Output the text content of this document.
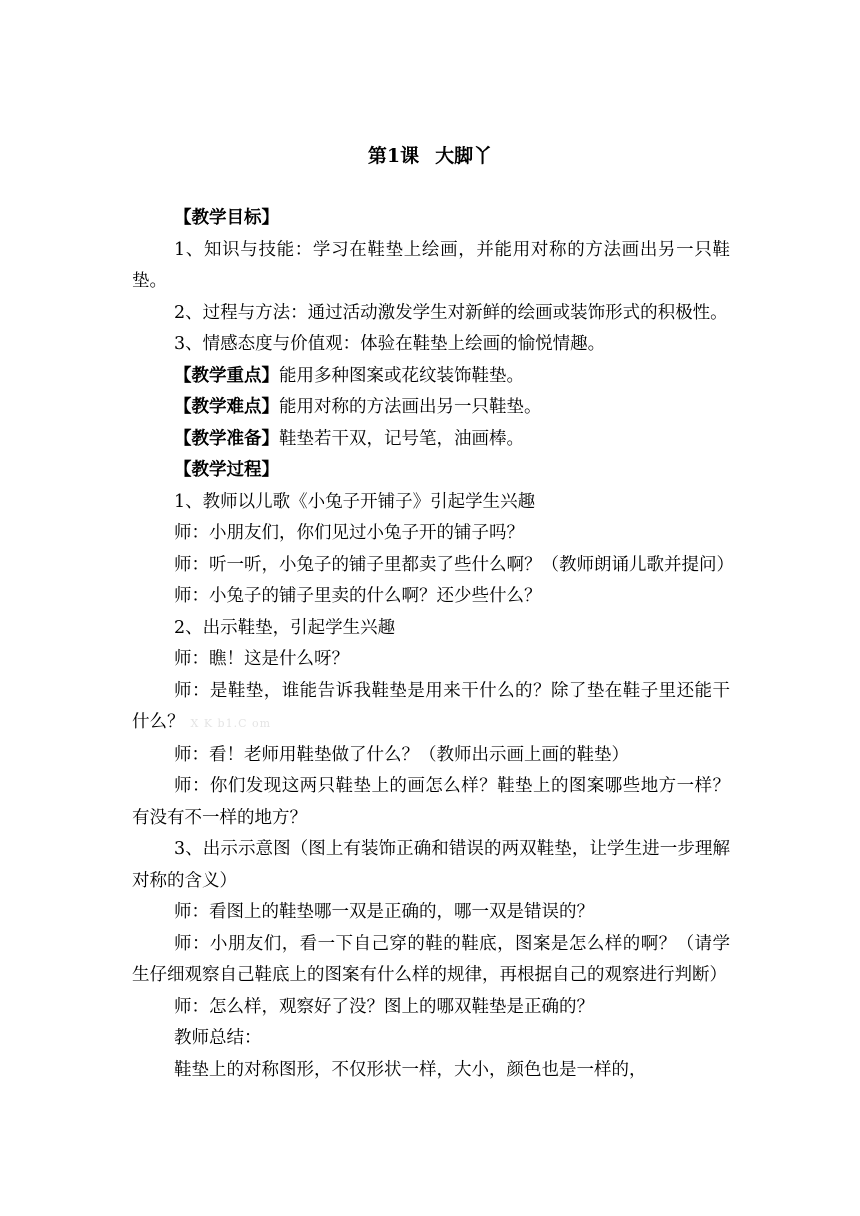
第1课 大脚丫

【教学目标】

1、知识与技能：学习在鞋垫上绘画，并能用对称的方法画出另一只鞋垫。

2、过程与方法：通过活动激发学生对新鲜的绘画或装饰形式的积极性。

3、情感态度与价值观：体验在鞋垫上绘画的愉悦情趣。

【教学重点】能用多种图案或花纹装饰鞋垫。

【教学难点】能用对称的方法画出另一只鞋垫。

【教学准备】鞋垫若干双，记号笔，油画棒。

【教学过程】

1、教师以儿歌《小兔子开铺子》引起学生兴趣

师：小朋友们，你们见过小兔子开的铺子吗？

师：听一听，小兔子的铺子里都卖了些什么啊？（教师朗诵儿歌并提问）

师：小兔子的铺子里卖的什么啊？还少些什么？

2、出示鞋垫，引起学生兴趣

师：瞧！这是什么呀？

师：是鞋垫，谁能告诉我鞋垫是用来干什么的？除了垫在鞋子里还能干什么？ X K b1.C om

师：看！老师用鞋垫做了什么？（教师出示画上画的鞋垫）

师：你们发现这两只鞋垫上的画怎么样？鞋垫上的图案哪些地方一样？有没有不一样的地方？

3、出示示意图（图上有装饰正确和错误的两双鞋垫，让学生进一步理解对称的含义）

师：看图上的鞋垫哪一双是正确的，哪一双是错误的？

师：小朋友们，看一下自己穿的鞋的鞋底，图案是怎么样的啊？（请学生仔细观察自己鞋底上的图案有什么样的规律，再根据自己的观察进行判断）

师：怎么样，观察好了没？图上的哪双鞋垫是正确的？

教师总结：

鞋垫上的对称图形，不仅形状一样，大小，颜色也是一样的，
